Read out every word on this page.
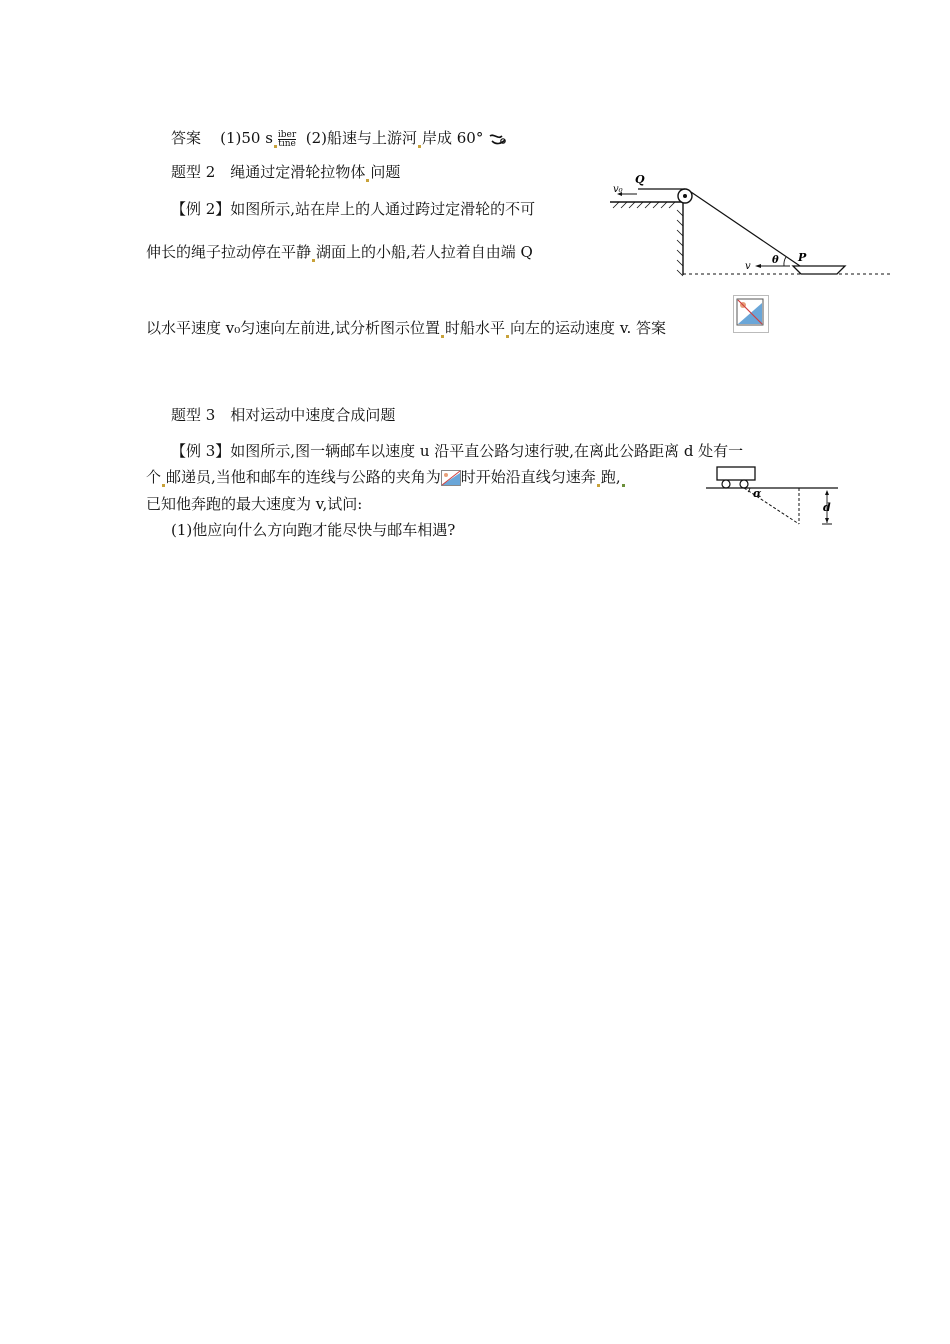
答案 (1)50 s iber
tine (2)船速与上游河 岸成 60°
题型 2　绳通过定滑轮拉物体 问题
【例 2】如图所示,站在岸上的人通过跨过定滑轮的不可
伸长的绳子拉动停在平静 湖面上的小船,若人拉着自由端 Q
以水平速度 v₀匀速向左前进,试分析图示位置 时船水平 向左的运动速度 v. 答案
Q
v₀
v
θ P
题型 3　相对运动中速度合成问题
【例 3】如图所示,图一辆邮车以速度 u 沿平直公路匀速行驶,在离此公路距离 d 处有一
个 邮递员,当他和邮车的连线与公路的夹角为 时开始沿直线匀速奔 跑,
已知他奔跑的最大速度为 v,试问:
(1)他应向什么方向跑才能尽快与邮车相遇?
α
d
